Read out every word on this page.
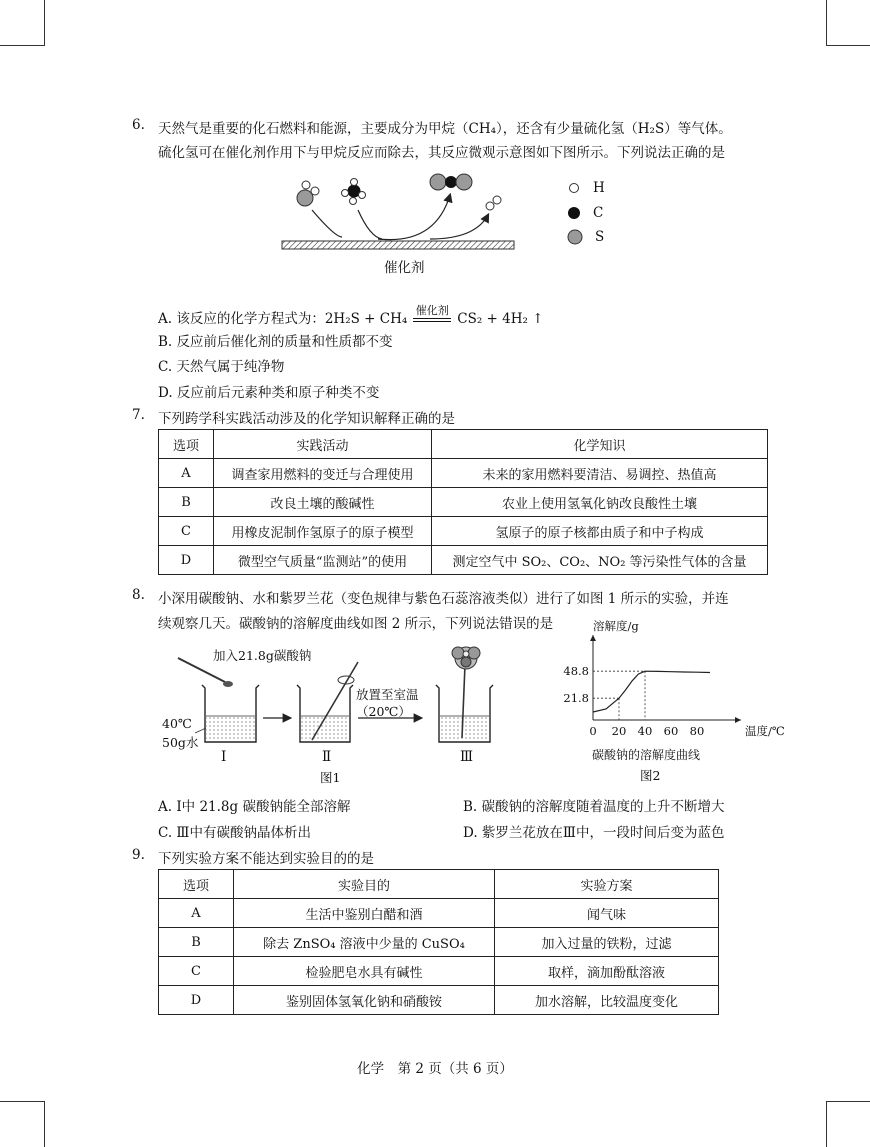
6. 天然气是重要的化石燃料和能源，主要成分为甲烷（CH₄），还含有少量硫化氢（H₂S）等气体。
硫化氢可在催化剂作用下与甲烷反应而除去，其反应微观示意图如下图所示。下列说法正确的是
催化剂
H
C
S
A. 该反应的化学方程式为：2H₂S + CH₄
催化剂
CS₂ + 4H₂ ↑
B. 反应前后催化剂的质量和性质都不变
C. 天然气属于纯净物
D. 反应前后元素种类和原子种类不变
7. 下列跨学科实践活动涉及的化学知识解释正确的是
选项	实践活动	化学知识
A	调查家用燃料的变迁与合理使用	未来的家用燃料要清洁、易调控、热值高
B	改良土壤的酸碱性	农业上使用氢氧化钠改良酸性土壤
C	用橡皮泥制作氢原子的原子模型	氢原子的原子核都由质子和中子构成
D	微型空气质量“监测站”的使用	测定空气中 SO₂、CO₂、NO₂ 等污染性气体的含量
8. 小深用碳酸钠、水和紫罗兰花（变色规律与紫色石蕊溶液类似）进行了如图 1 所示的实验，并连
续观察几天。碳酸钠的溶解度曲线如图 2 所示，下列说法错误的是
加入21.8g碳酸钠
40℃
50g水
放置至室温
（20℃）
Ⅰ	Ⅱ	Ⅲ
图1
溶解度/g
温度/℃
0 20 40 60 80
21.8
48.8
碳酸钠的溶解度曲线
图2
A. Ⅰ中 21.8g 碳酸钠能全部溶解	B. 碳酸钠的溶解度随着温度的上升不断增大
C. Ⅲ中有碳酸钠晶体析出	D. 紫罗兰花放在Ⅲ中，一段时间后变为蓝色
9. 下列实验方案不能达到实验目的的是
选项	实验目的	实验方案
A	生活中鉴别白醋和酒	闻气味
B	除去 ZnSO₄ 溶液中少量的 CuSO₄	加入过量的铁粉，过滤
C	检验肥皂水具有碱性	取样，滴加酚酞溶液
D	鉴别固体氢氧化钠和硝酸铵	加水溶解，比较温度变化
化学　第 2 页（共 6 页）
